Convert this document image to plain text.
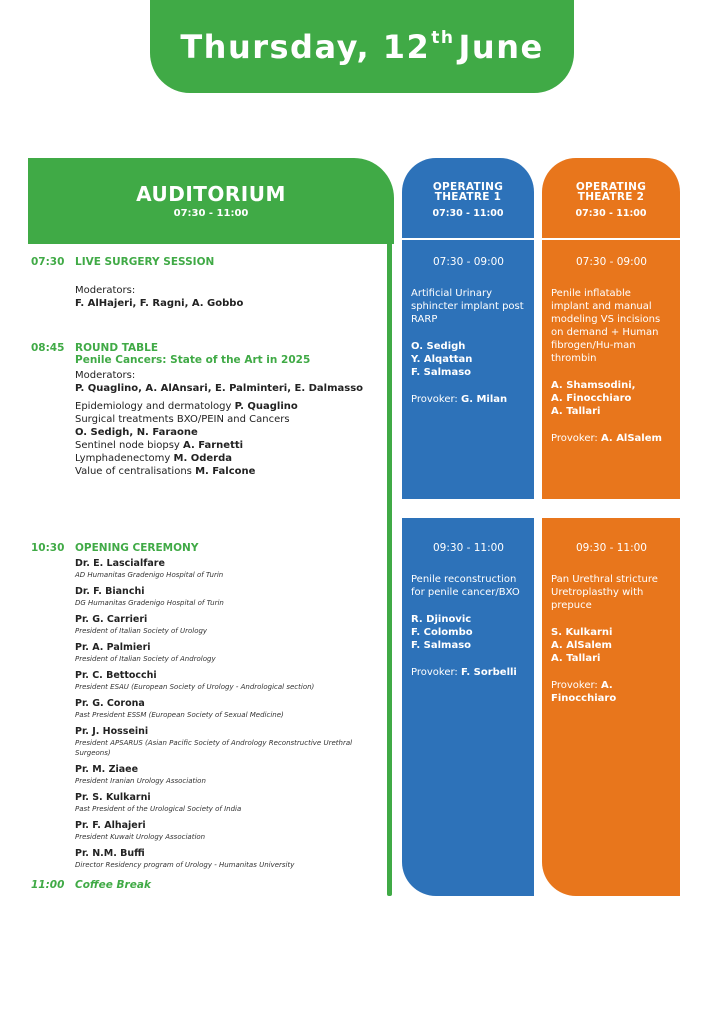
Thursday, 12th June
AUDITORIUM
07:30 - 11:00
OPERATING
THEATRE 1
07:30 - 11:00
07:30 - 09:00
Artificial Urinary sphincter implant post RARP
O. Sedigh
Y. Alqattan
F. Salmaso
Provoker: G. Milan
OPERATING
THEATRE 2
07:30 - 11:00
07:30 - 09:00
Penile inflatable implant and manual modeling VS incisions on demand + Human fibrogen/Hu-man thrombin
A. Shamsodini,
A. Finocchiaro
A. Tallari
Provoker: A. AlSalem
09:30 - 11:00
Penile reconstruction for penile cancer/BXO
R. Djinovic
F. Colombo
F. Salmaso
Provoker: F. Sorbelli
09:30 - 11:00
Pan Urethral stricture Uretroplasthy with prepuce
S. Kulkarni
A. AlSalem
A. Tallari
Provoker: A. Finocchiaro
07:30 LIVE SURGERY SESSION
Moderators:
F. AlHajeri, F. Ragni, A. Gobbo
08:45 ROUND TABLE
Penile Cancers: State of the Art in 2025
Moderators:
P. Quaglino, A. AlAnsari, E. Palminteri, E. Dalmasso
Epidemiology and dermatology P. Quaglino
Surgical treatments BXO/PEIN and Cancers
O. Sedigh, N. Faraone
Sentinel node biopsy A. Farnetti
Lymphadenectomy M. Oderda
Value of centralisations M. Falcone
10:30 OPENING CEREMONY
Dr. E. Lascialfare
AD Humanitas Gradenigo Hospital of Turin
Dr. F. Bianchi
DG Humanitas Gradenigo Hospital of Turin
Pr. G. Carrieri
President of Italian Society of Urology
Pr. A. Palmieri
President of Italian Society of Andrology
Pr. C. Bettocchi
President ESAU (European Society of Urology - Andrological section)
Pr. G. Corona
Past President ESSM (European Society of Sexual Medicine)
Pr. J. Hosseini
President APSARUS (Asian Pacific Society of Andrology Reconstructive Urethral Surgeons)
Pr. M. Ziaee
President Iranian Urology Association
Pr. S. Kulkarni
Past President of the Urological Society of India
Pr. F. Alhajeri
President Kuwait Urology Association
Pr. N.M. Buffi
Director Residency program of Urology - Humanitas University
11:00 Coffee Break
